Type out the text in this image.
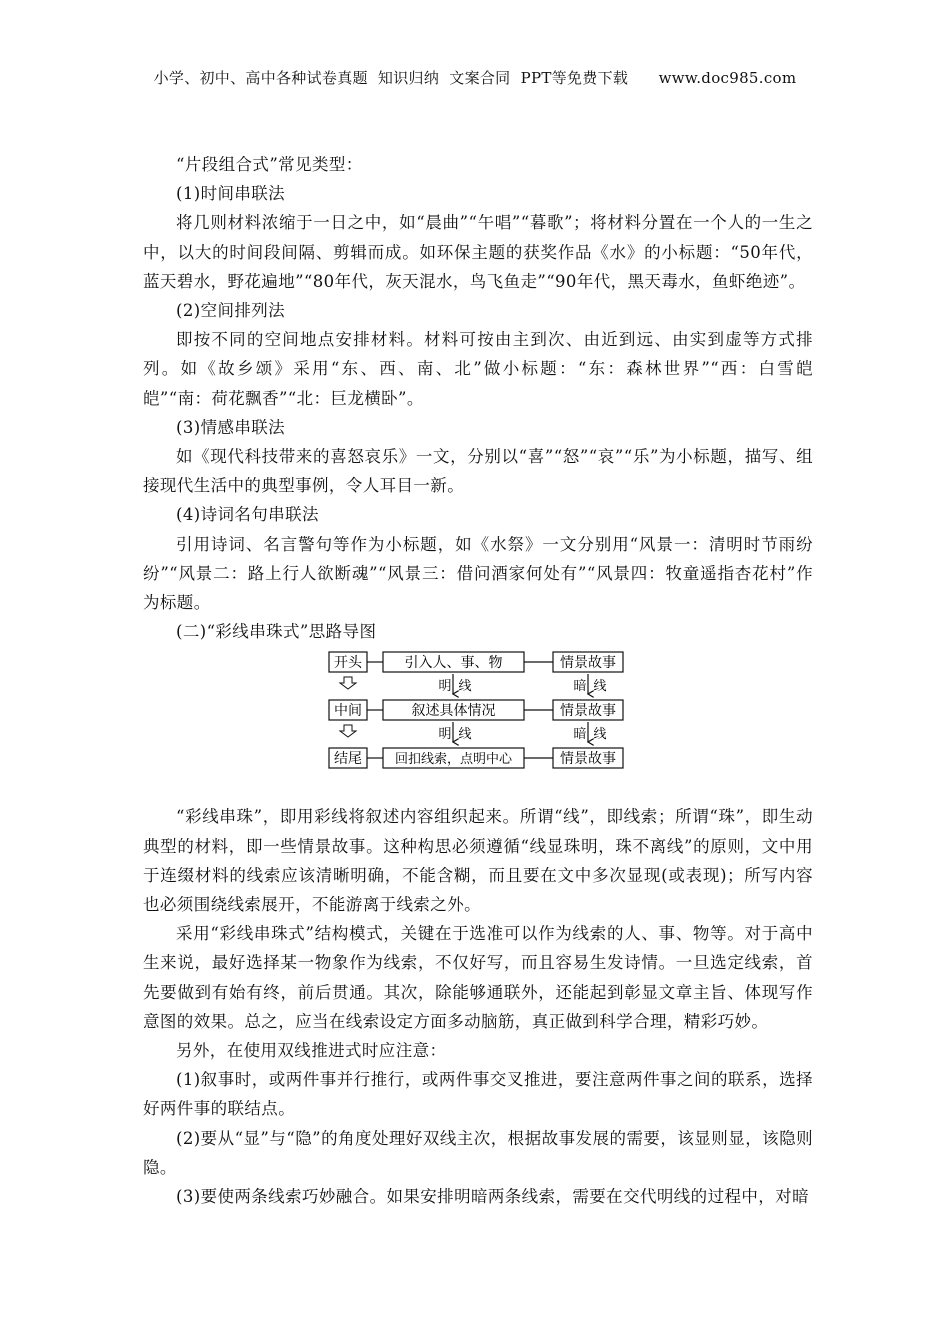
小学、初中、高中各种试卷真题  知识归纳  文案合同  PPT等免费下载      www.doc985.com

“片段组合式”常见类型：

(1)时间串联法

将几则材料浓缩于一日之中，如“晨曲”“午唱”“暮歌”；将材料分置在一个人的一生之中，以大的时间段间隔、剪辑而成。如环保主题的获奖作品《水》的小标题：“50年代，蓝天碧水，野花遍地”“80年代，灰天混水，鸟飞鱼走”“90年代，黑天毒水，鱼虾绝迹”。

(2)空间排列法

即按不同的空间地点安排材料。材料可按由主到次、由近到远、由实到虚等方式排列。如《故乡颂》采用“东、西、南、北”做小标题：“东：森林世界”“西：白雪皑皑”“南：荷花飘香”“北：巨龙横卧”。

(3)情感串联法

如《现代科技带来的喜怒哀乐》一文，分别以“喜”“怒”“哀”“乐”为小标题，描写、组接现代生活中的典型事例，令人耳目一新。

(4)诗词名句串联法

引用诗词、名言警句等作为小标题，如《水祭》一文分别用“风景一：清明时节雨纷纷”“风景二：路上行人欲断魂”“风景三：借问酒家何处有”“风景四：牧童遥指杏花村”作为标题。

(二)“彩线串珠式”思路导图

开头	引入人、事、物	情景故事
明 线	暗 线
中间	叙述具体情况	情景故事
明 线	暗 线
结尾	回扣线索，点明中心	情景故事

“彩线串珠”，即用彩线将叙述内容组织起来。所谓“线”，即线索；所谓“珠”，即生动典型的材料，即一些情景故事。这种构思必须遵循“线显珠明，珠不离线”的原则，文中用于连缀材料的线索应该清晰明确，不能含糊，而且要在文中多次显现(或表现)；所写内容也必须围绕线索展开，不能游离于线索之外。

采用“彩线串珠式”结构模式，关键在于选准可以作为线索的人、事、物等。对于高中生来说，最好选择某一物象作为线索，不仅好写，而且容易生发诗情。一旦选定线索，首先要做到有始有终，前后贯通。其次，除能够通联外，还能起到彰显文章主旨、体现写作意图的效果。总之，应当在线索设定方面多动脑筋，真正做到科学合理，精彩巧妙。

另外，在使用双线推进式时应注意：

(1)叙事时，或两件事并行推行，或两件事交叉推进，要注意两件事之间的联系，选择好两件事的联结点。

(2)要从“显”与“隐”的角度处理好双线主次，根据故事发展的需要，该显则显，该隐则隐。

(3)要使两条线索巧妙融合。如果安排明暗两条线索，需要在交代明线的过程中，对暗
